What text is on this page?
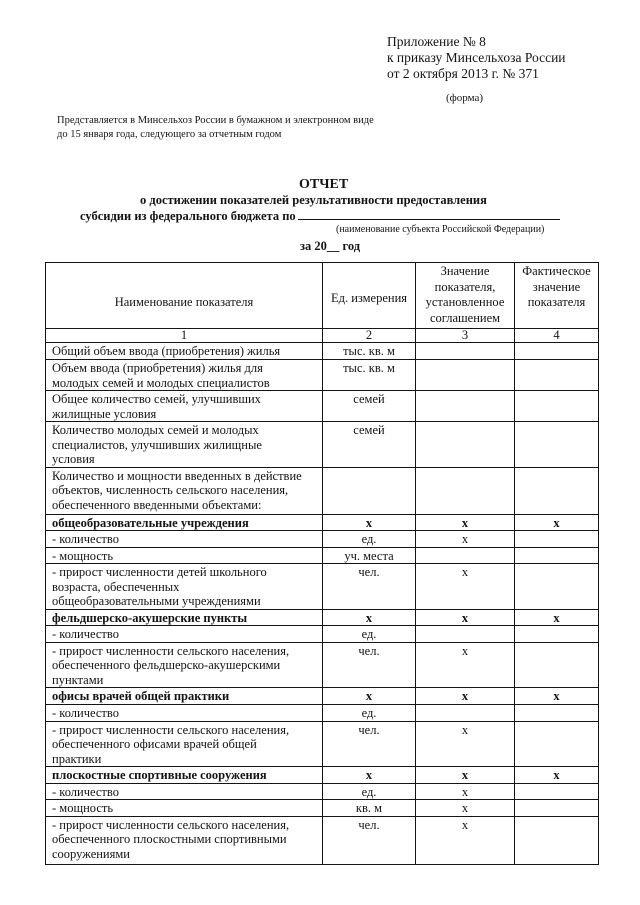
Приложение № 8
к приказу Минсельхоза России
от 2 октября 2013 г. № 371
(форма)
Представляется в Минсельхоз России в бумажном и электронном виде
до 15 января года, следующего за отчетным годом
ОТЧЕТ
о достижении показателей результативности предоставления
субсидии из федерального бюджета по
(наименование субъекта Российской Федерации)
за 20__ год
Наименование показателя	Ед. измерения	Значение
показателя,
установленное
соглашением	Фактическое
значение
показателя

1	2	3	4

Общий объем ввода (приобретения) жилья	тыс. кв. м		

Объем ввода (приобретения) жилья для
молодых семей и молодых специалистов	тыс. кв. м		

Общее количество семей, улучшивших
жилищные условия	семей		

Количество молодых семей и молодых
специалистов, улучшивших жилищные
условия	семей		

Количество и мощности введенных в действие
объектов, численность сельского населения,
обеспеченного введенными объектами:			

общеобразовательные учреждения	х	х	х

- количество	ед.	х	

- мощность	уч. места		

- прирост численности детей школьного
возраста, обеспеченных
общеобразовательными учреждениями	чел.	х	

фельдшерско-акушерские пункты	х	х	х

- количество	ед.		

- прирост численности сельского населения,
обеспеченного фельдшерско-акушерскими
пунктами	чел.	х	

офисы врачей общей практики	х	х	х

- количество	ед.		

- прирост численности сельского населения,
обеспеченного офисами врачей общей
практики	чел.	х	

плоскостные спортивные сооружения	х	х	х

- количество	ед.	х	

- мощность	кв. м	х	

- прирост численности сельского населения,
обеспеченного плоскостными спортивными
сооружениями	чел.	х	
